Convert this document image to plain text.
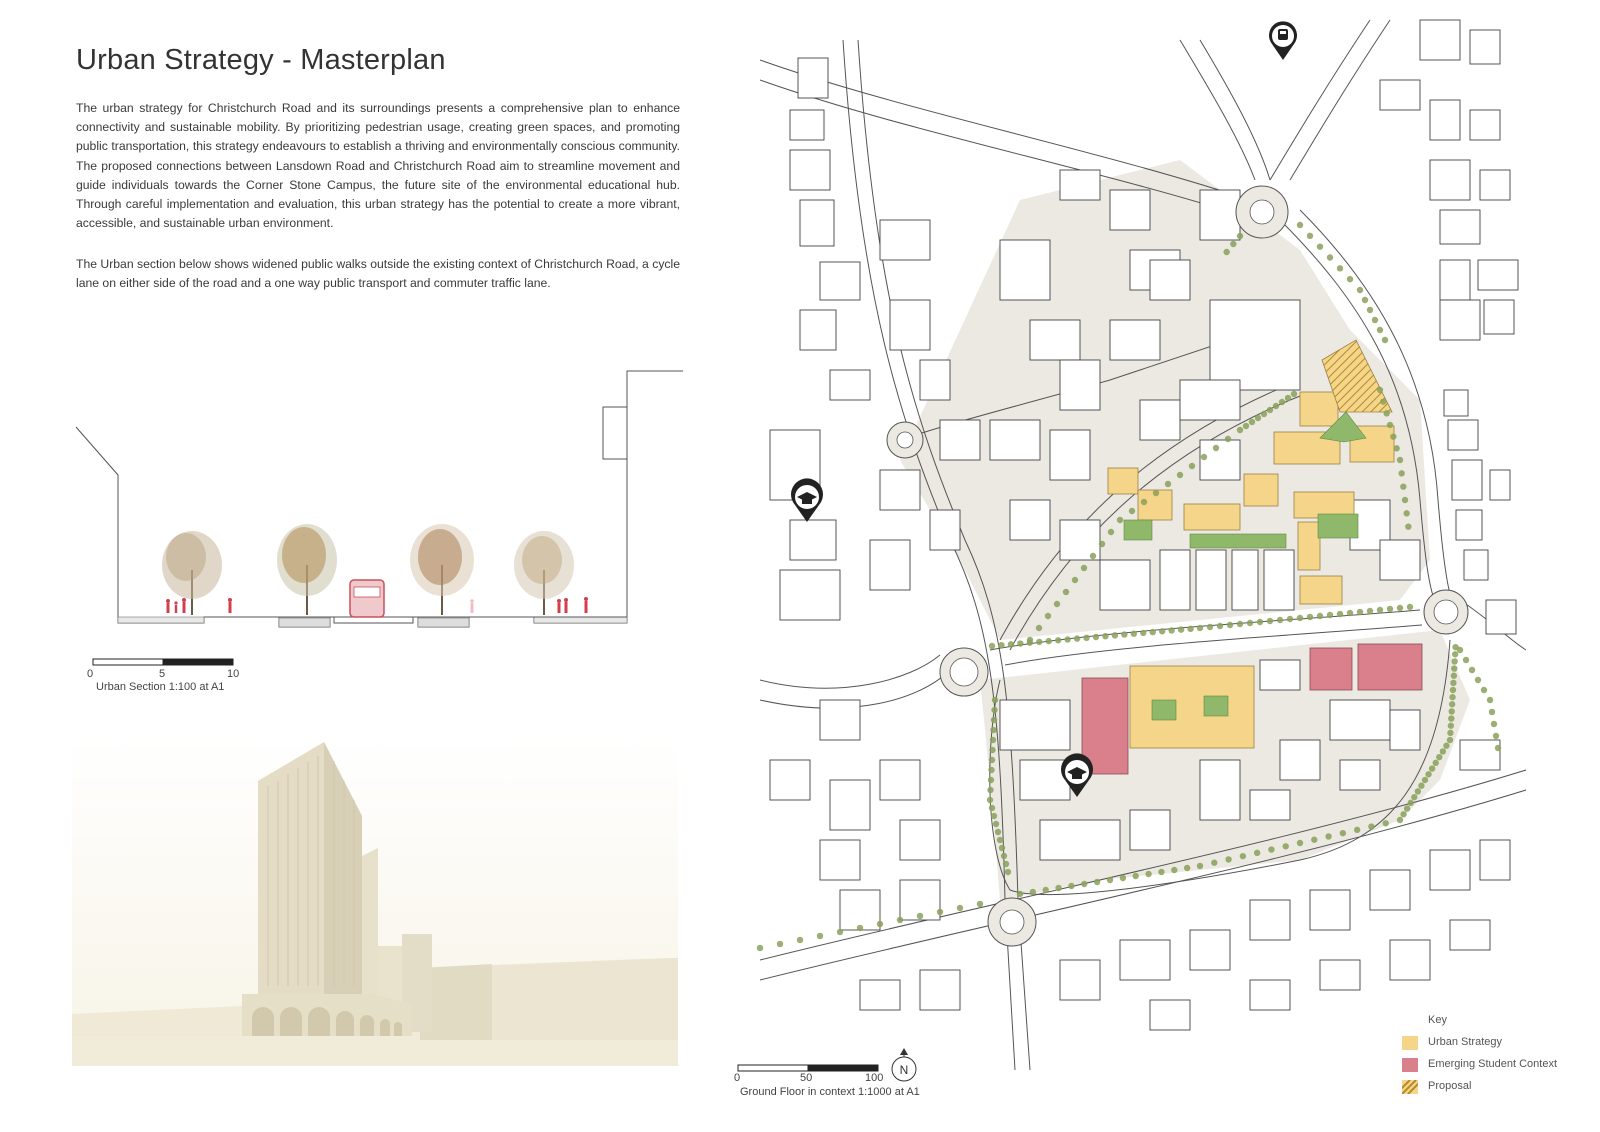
Urban Strategy - Masterplan
The urban strategy for Christchurch Road and its surroundings presents a comprehensive plan to enhance connectivity and sustainable mobility. By prioritizing pedestrian usage, creating green spaces, and promoting public transportation, this strategy endeavours to establish a thriving and environmentally conscious community. The proposed connections between Lansdown Road and Christchurch Road aim to streamline movement and guide individuals towards the Corner Stone Campus, the future site of the environmental educational hub. Through careful implementation and evaluation, this urban strategy has the potential to create a more vibrant, accessible, and sustainable urban environment.
The Urban section below shows widened public walks outside the existing context of Christchurch Road, a cycle lane on either side of the road and a one way public transport and commuter traffic lane.
0	5	10
Urban Section 1:100 at A1
0	50	100
Ground Floor in context 1:1000 at A1
N
Key
Urban Strategy
Emerging Student Context
Proposal
